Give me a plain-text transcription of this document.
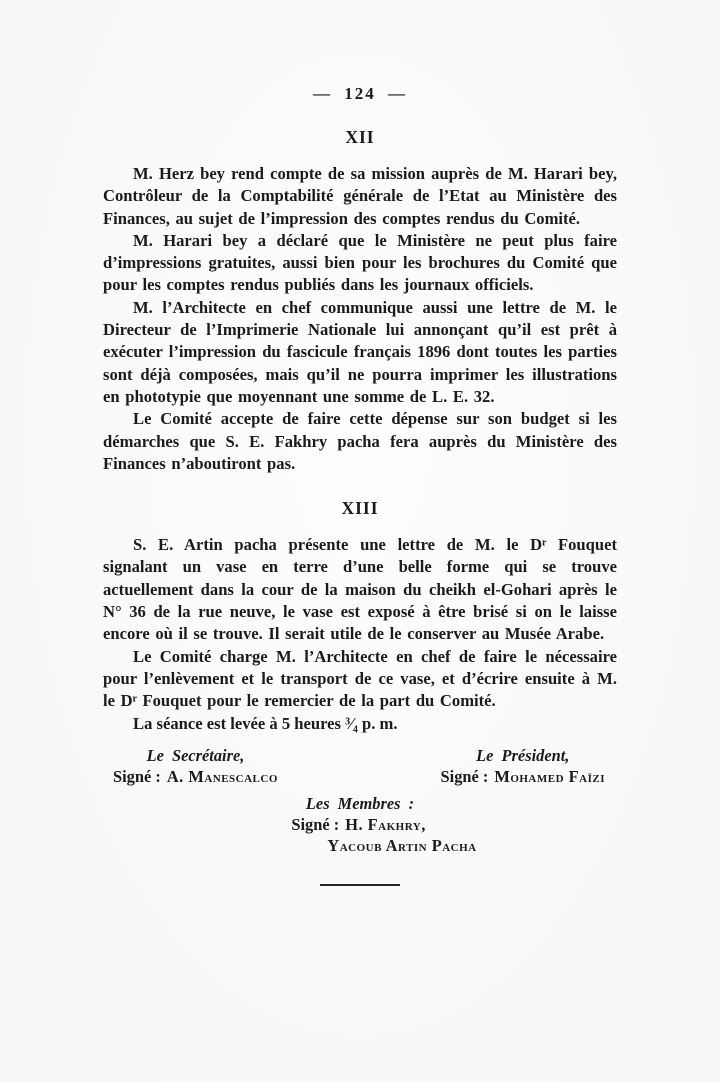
— 124 —
XII

M. Herz bey rend compte de sa mission auprès de M. Harari bey, Contrôleur de la Comptabilité générale de l’Etat au Ministère des Finances, au sujet de l’impression des comptes rendus du Comité.

M. Harari bey a déclaré que le Ministère ne peut plus faire d’impressions gratuites, aussi bien pour les brochures du Comité que pour les comptes rendus publiés dans les journaux officiels.

M. l’Architecte en chef communique aussi une lettre de M. le Directeur de l’Imprimerie Nationale lui annonçant qu’il est prêt à exécuter l’impression du fascicule français 1896 dont toutes les parties sont déjà composées, mais qu’il ne pourra imprimer les illustrations en phototypie que moyennant une somme de L. E. 32.

Le Comité accepte de faire cette dépense sur son budget si les démarches que S. E. Fakhry pacha fera auprès du Ministère des Finances n’aboutiront pas.

XIII

S. E. Artin pacha présente une lettre de M. le Dʳ Fouquet signalant un vase en terre d’une belle forme qui se trouve actuellement dans la cour de la maison du cheikh el-Gohari après le N° 36 de la rue neuve, le vase est exposé à être brisé si on le laisse encore où il se trouve. Il serait utile de le conserver au Musée Arabe.

Le Comité charge M. l’Architecte en chef de faire le nécessaire pour l’enlèvement et le transport de ce vase, et d’écrire ensuite à M. le Dʳ Fouquet pour le remercier de la part du Comité.

La séance est levée à 5 heures ³⁄₄ p. m.

Le Secrétaire,
Signé : A. Manescalco
Le Président,
Signé : Mohamed Faïzi
Les Membres :
Signé : H. Fakhry,
Yacoub Artin Pacha
